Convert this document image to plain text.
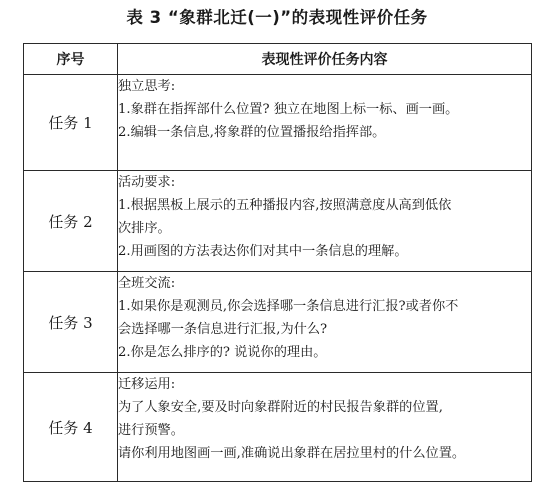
表 3 “象群北迁(一)”的表现性评价任务
序号	表现性评价任务内容
任务 1	独立思考:

1.象群在指挥部什么位置? 独立在地图上标一标、画一画。

2.编辑一条信息,将象群的位置播报给指挥部。

任务 2	活动要求:

1.根据黑板上展示的五种播报内容,按照满意度从高到低依

次排序。

2.用画图的方法表达你们对其中一条信息的理解。

任务 3	全班交流:

1.如果你是观测员,你会选择哪一条信息进行汇报?或者你不

会选择哪一条信息进行汇报,为什么?

2.你是怎么排序的? 说说你的理由。

任务 4	迁移运用:

为了人象安全,要及时向象群附近的村民报告象群的位置,

进行预警。

请你利用地图画一画,准确说出象群在居拉里村的什么位置。
